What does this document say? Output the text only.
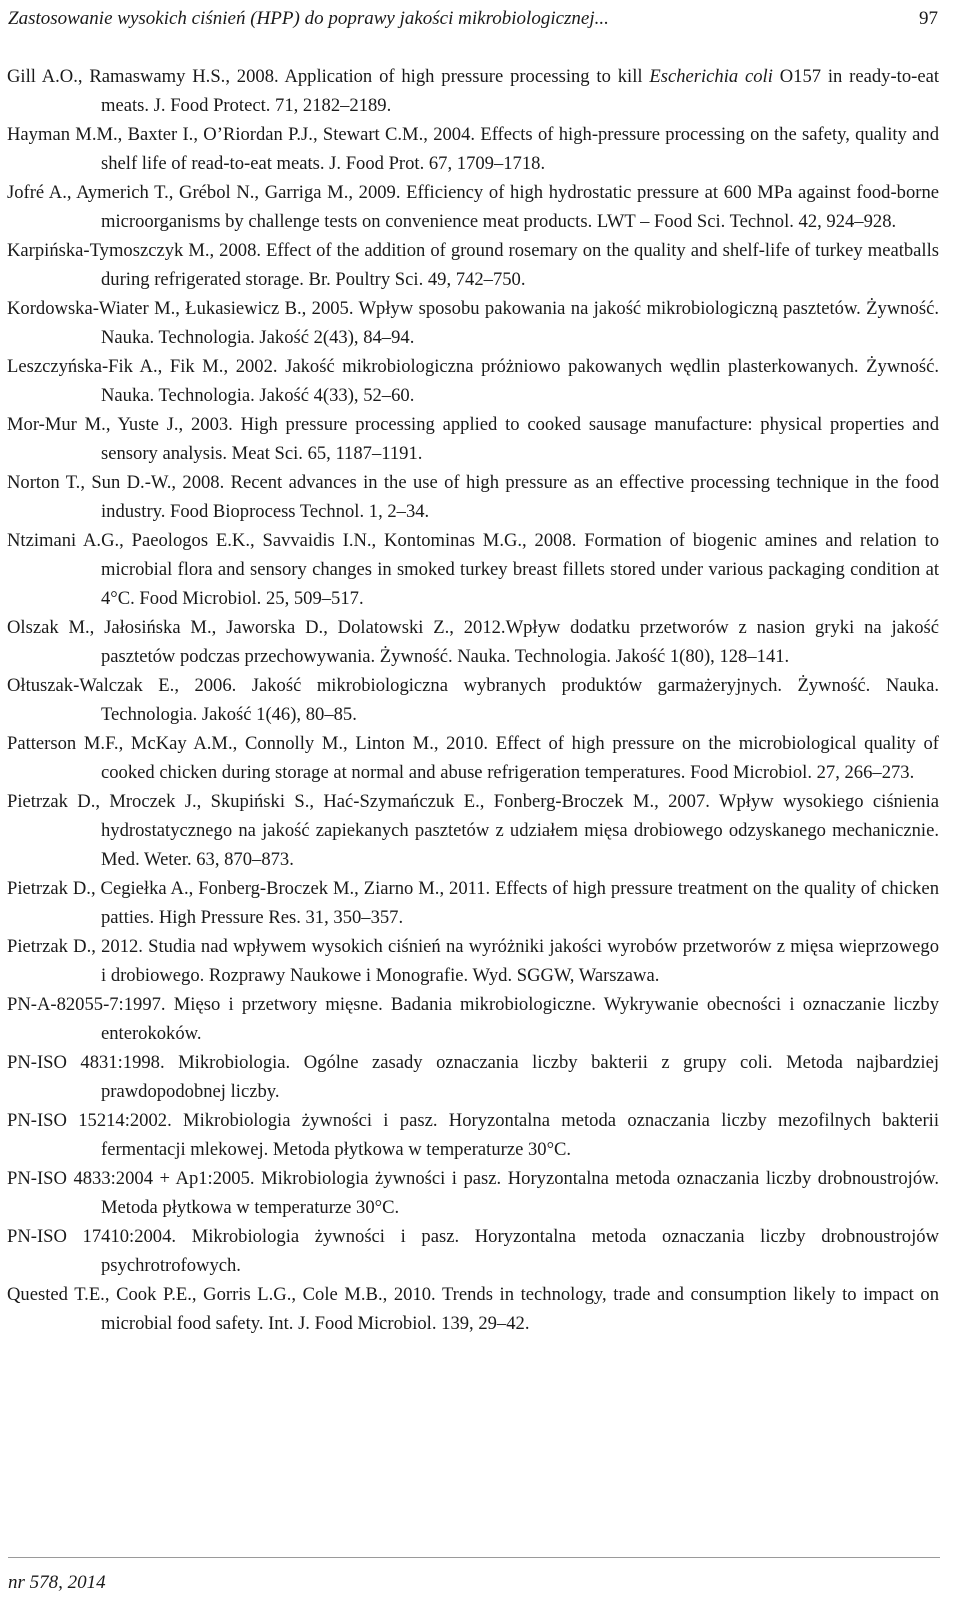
Zastosowanie wysokich ciśnień (HPP) do poprawy jakości mikrobiologicznej...	97

Gill A.O., Ramaswamy H.S., 2008. Application of high pressure processing to kill Escherichia coli O157 in ready-to-eat meats. J. Food Protect. 71, 2182–2189.

Hayman M.M., Baxter I., O’Riordan P.J., Stewart C.M., 2004. Effects of high-pressure processing on the safety, quality and shelf life of read-to-eat meats. J. Food Prot. 67, 1709–1718.

Jofré A., Aymerich T., Grébol N., Garriga M., 2009. Efficiency of high hydrostatic pressure at 600 MPa against food-borne microorganisms by challenge tests on convenience meat products. LWT – Food Sci. Technol. 42, 924–928.

Karpińska-Tymoszczyk M., 2008. Effect of the addition of ground rosemary on the quality and shelf-life of turkey meatballs during refrigerated storage. Br. Poultry Sci. 49, 742–750.

Kordowska-Wiater M., Łukasiewicz B., 2005. Wpływ sposobu pakowania na jakość mikrobiologiczną pasztetów. Żywność. Nauka. Technologia. Jakość 2(43), 84–94.

Leszczyńska-Fik A., Fik M., 2002. Jakość mikrobiologiczna próżniowo pakowanych wędlin plasterkowanych. Żywność. Nauka. Technologia. Jakość 4(33), 52–60.

Mor-Mur M., Yuste J., 2003. High pressure processing applied to cooked sausage manufacture: physical properties and sensory analysis. Meat Sci. 65, 1187–1191.

Norton T., Sun D.-W., 2008. Recent advances in the use of high pressure as an effective processing technique in the food industry. Food Bioprocess Technol. 1, 2–34.

Ntzimani A.G., Paeologos E.K., Savvaidis I.N., Kontominas M.G., 2008. Formation of biogenic amines and relation to microbial flora and sensory changes in smoked turkey breast fillets stored under various packaging condition at 4°C. Food Microbiol. 25, 509–517.

Olszak M., Jałosińska M., Jaworska D., Dolatowski Z., 2012.Wpływ dodatku przetworów z nasion gryki na jakość pasztetów podczas przechowywania. Żywność. Nauka. Technologia. Jakość 1(80), 128–141.

Ołtuszak-Walczak E., 2006. Jakość mikrobiologiczna wybranych produktów garmażeryjnych. Żywność. Nauka. Technologia. Jakość 1(46), 80–85.

Patterson M.F., McKay A.M., Connolly M., Linton M., 2010. Effect of high pressure on the microbiological quality of cooked chicken during storage at normal and abuse refrigeration temperatures. Food Microbiol. 27, 266–273.

Pietrzak D., Mroczek J., Skupiński S., Hać-Szymańczuk E., Fonberg-Broczek M., 2007. Wpływ wysokiego ciśnienia hydrostatycznego na jakość zapiekanych pasztetów z udziałem mięsa drobiowego odzyskanego mechanicznie. Med. Weter. 63, 870–873.

Pietrzak D., Cegiełka A., Fonberg-Broczek M., Ziarno M., 2011. Effects of high pressure treatment on the quality of chicken patties. High Pressure Res. 31, 350–357.

Pietrzak D., 2012. Studia nad wpływem wysokich ciśnień na wyróżniki jakości wyrobów przetworów z mięsa wieprzowego i drobiowego. Rozprawy Naukowe i Monografie. Wyd. SGGW, Warszawa.

PN-A-82055-7:1997. Mięso i przetwory mięsne. Badania mikrobiologiczne. Wykrywanie obecności i oznaczanie liczby enterokoków.

PN-ISO 4831:1998. Mikrobiologia. Ogólne zasady oznaczania liczby bakterii z grupy coli. Metoda najbardziej prawdopodobnej liczby.

PN-ISO 15214:2002. Mikrobiologia żywności i pasz. Horyzontalna metoda oznaczania liczby mezofilnych bakterii fermentacji mlekowej. Metoda płytkowa w temperaturze 30°C.

PN-ISO 4833:2004 + Ap1:2005. Mikrobiologia żywności i pasz. Horyzontalna metoda oznaczania liczby drobnoustrojów. Metoda płytkowa w temperaturze 30°C.

PN-ISO 17410:2004. Mikrobiologia żywności i pasz. Horyzontalna metoda oznaczania liczby drobnoustrojów psychrotrofowych.

Quested T.E., Cook P.E., Gorris L.G., Cole M.B., 2010. Trends in technology, trade and consumption likely to impact on microbial food safety. Int. J. Food Microbiol. 139, 29–42.

nr 578, 2014
